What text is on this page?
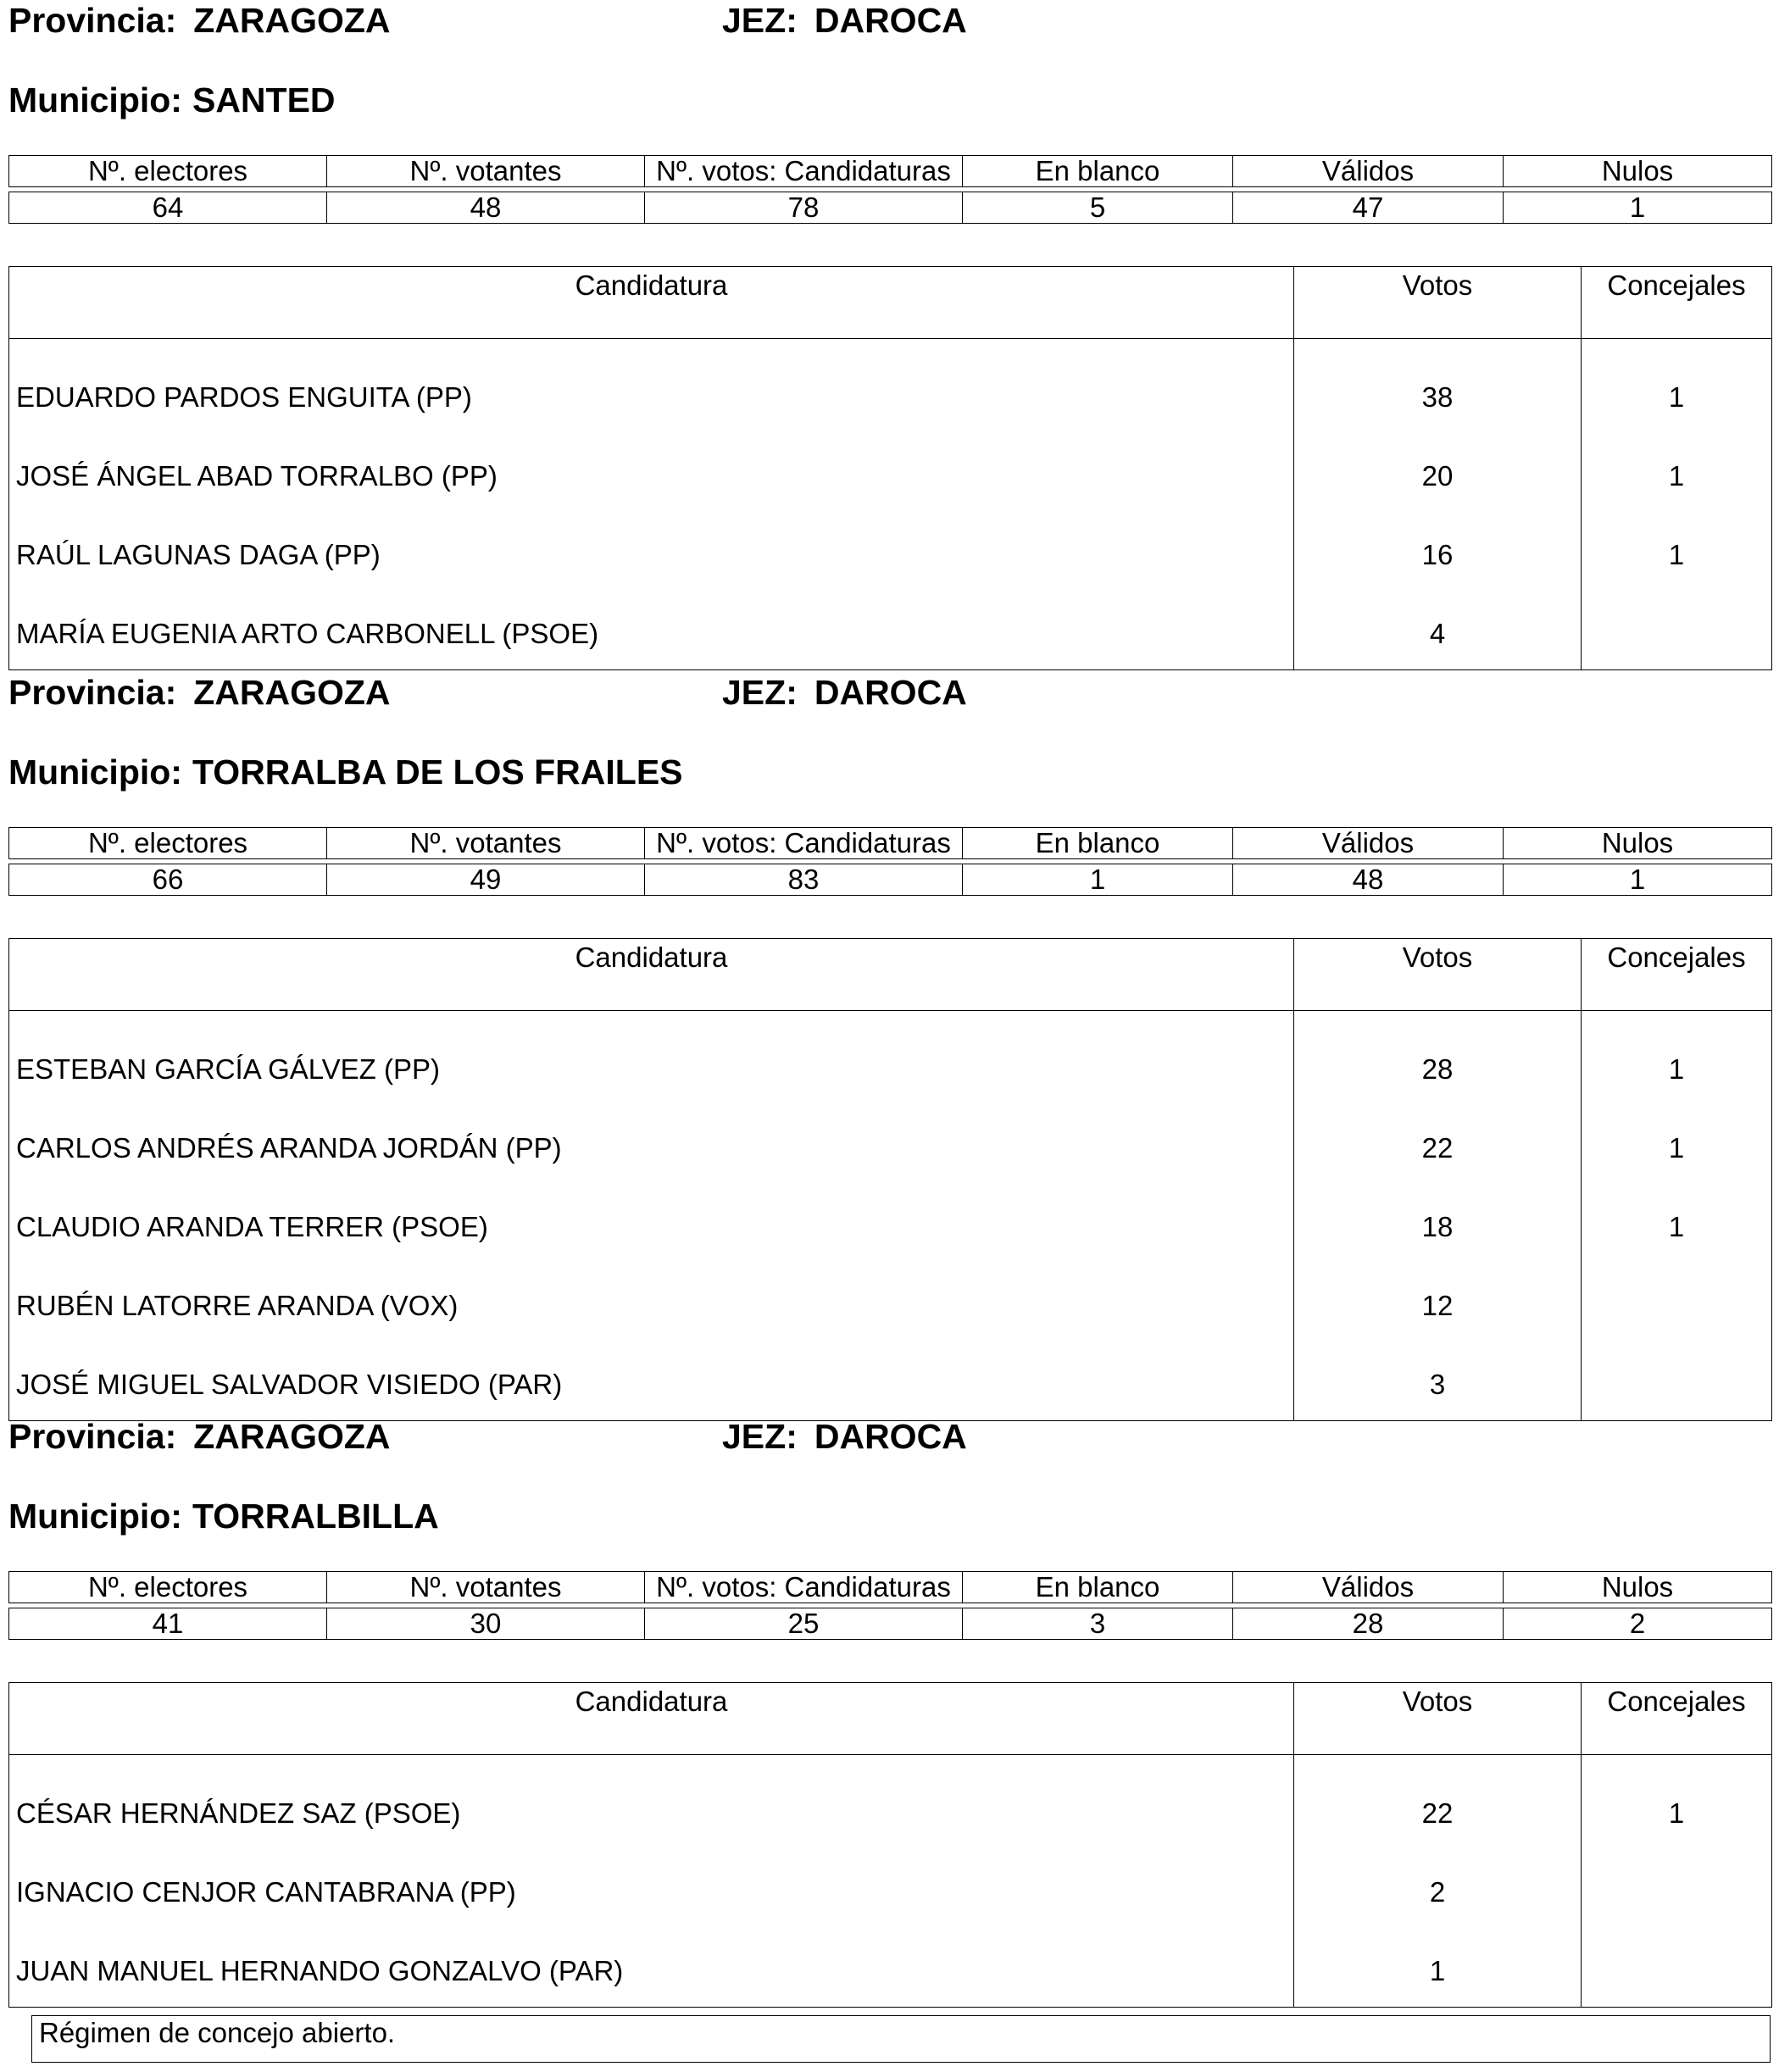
Provincia: ZARAGOZA	JEZ: DAROCA
Municipio: SANTED
Nº. electores	Nº. votantes	Nº. votos: Candidaturas	En blanco	Válidos	Nulos
64	48	78	5	47	1
Candidatura	Votos	Concejales
EDUARDO PARDOS ENGUITA (PP)	38	1
JOSÉ ÁNGEL ABAD TORRALBO (PP)	20	1
RAÚL LAGUNAS DAGA (PP)	16	1
MARÍA EUGENIA ARTO CARBONELL (PSOE)	4	
Provincia: ZARAGOZA	JEZ: DAROCA
Municipio: TORRALBA DE LOS FRAILES
Nº. electores	Nº. votantes	Nº. votos: Candidaturas	En blanco	Válidos	Nulos
66	49	83	1	48	1
Candidatura	Votos	Concejales
ESTEBAN GARCÍA GÁLVEZ (PP)	28	1
CARLOS ANDRÉS ARANDA JORDÁN (PP)	22	1
CLAUDIO ARANDA TERRER (PSOE)	18	1
RUBÉN LATORRE ARANDA (VOX)	12	
JOSÉ MIGUEL SALVADOR VISIEDO (PAR)	3	
Provincia: ZARAGOZA	JEZ: DAROCA
Municipio: TORRALBILLA
Nº. electores	Nº. votantes	Nº. votos: Candidaturas	En blanco	Válidos	Nulos
41	30	25	3	28	2
Candidatura	Votos	Concejales
CÉSAR HERNÁNDEZ SAZ (PSOE)	22	1
IGNACIO CENJOR CANTABRANA (PP)	2	
JUAN MANUEL HERNANDO GONZALVO (PAR)	1	
Régimen de concejo abierto.
